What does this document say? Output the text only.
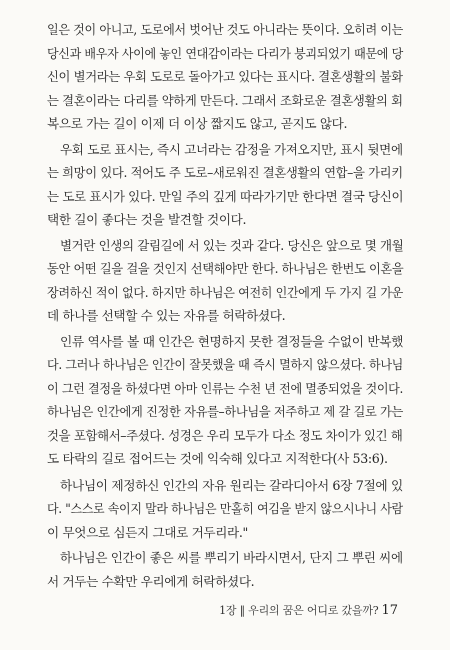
일은 것이 아니고, 도로에서 벗어난 것도 아니라는 뜻이다. 오히려 이는
당신과 배우자 사이에 놓인 연대감이라는 다리가 붕괴되었기 때문에 당
신이 별거라는 우회 도로로 돌아가고 있다는 표시다. 결혼생활의 불화
는 결혼이라는 다리를 약하게 만든다. 그래서 조화로운 결혼생활의 회
복으로 가는 길이 이제 더 이상 짧지도 않고, 곧지도 않다.
우회 도로 표시는, 즉시 고너라는 감정을 가져오지만, 표시 뒷면에
는 희망이 있다. 적어도 주 도로–새로워진 결혼생활의 연합–을 가리키
는 도로 표시가 있다. 만일 주의 깊게 따라가기만 한다면 결국 당신이
택한 길이 좋다는 것을 발견할 것이다.
별거란 인생의 갈림길에 서 있는 것과 같다. 당신은 앞으로 몇 개월
동안 어떤 길을 걸을 것인지 선택해야만 한다. 하나님은 한번도 이혼을
장려하신 적이 없다. 하지만 하나님은 여전히 인간에게 두 가지 길 가운
데 하나를 선택할 수 있는 자유를 허락하셨다.
인류 역사를 볼 때 인간은 현명하지 못한 결정들을 수없이 반복했
다. 그러나 하나님은 인간이 잘못했을 때 즉시 멸하지 않으셨다. 하나님
이 그런 결정을 하셨다면 아마 인류는 수천 년 전에 멸종되었을 것이다.
하나님은 인간에게 진정한 자유를–하나님을 저주하고 제 갈 길로 가는
것을 포함해서–주셨다. 성경은 우리 모두가 다소 정도 차이가 있긴 해
도 타락의 길로 접어드는 것에 익숙해 있다고 지적한다(사 53:6).
하나님이 제정하신 인간의 자유 원리는 갈라디아서 6장 7절에 있
다. "스스로 속이지 말라 하나님은 만홀히 여김을 받지 않으시나니 사람
이 무엇으로 심든지 그대로 거두리라."
하나님은 인간이 좋은 씨를 뿌리기 바라시면서, 단지 그 뿌린 씨에
서 거두는 수확만 우리에게 허락하셨다.
1장 ‖ 우리의 꿈은 어디로 갔을까? 17
